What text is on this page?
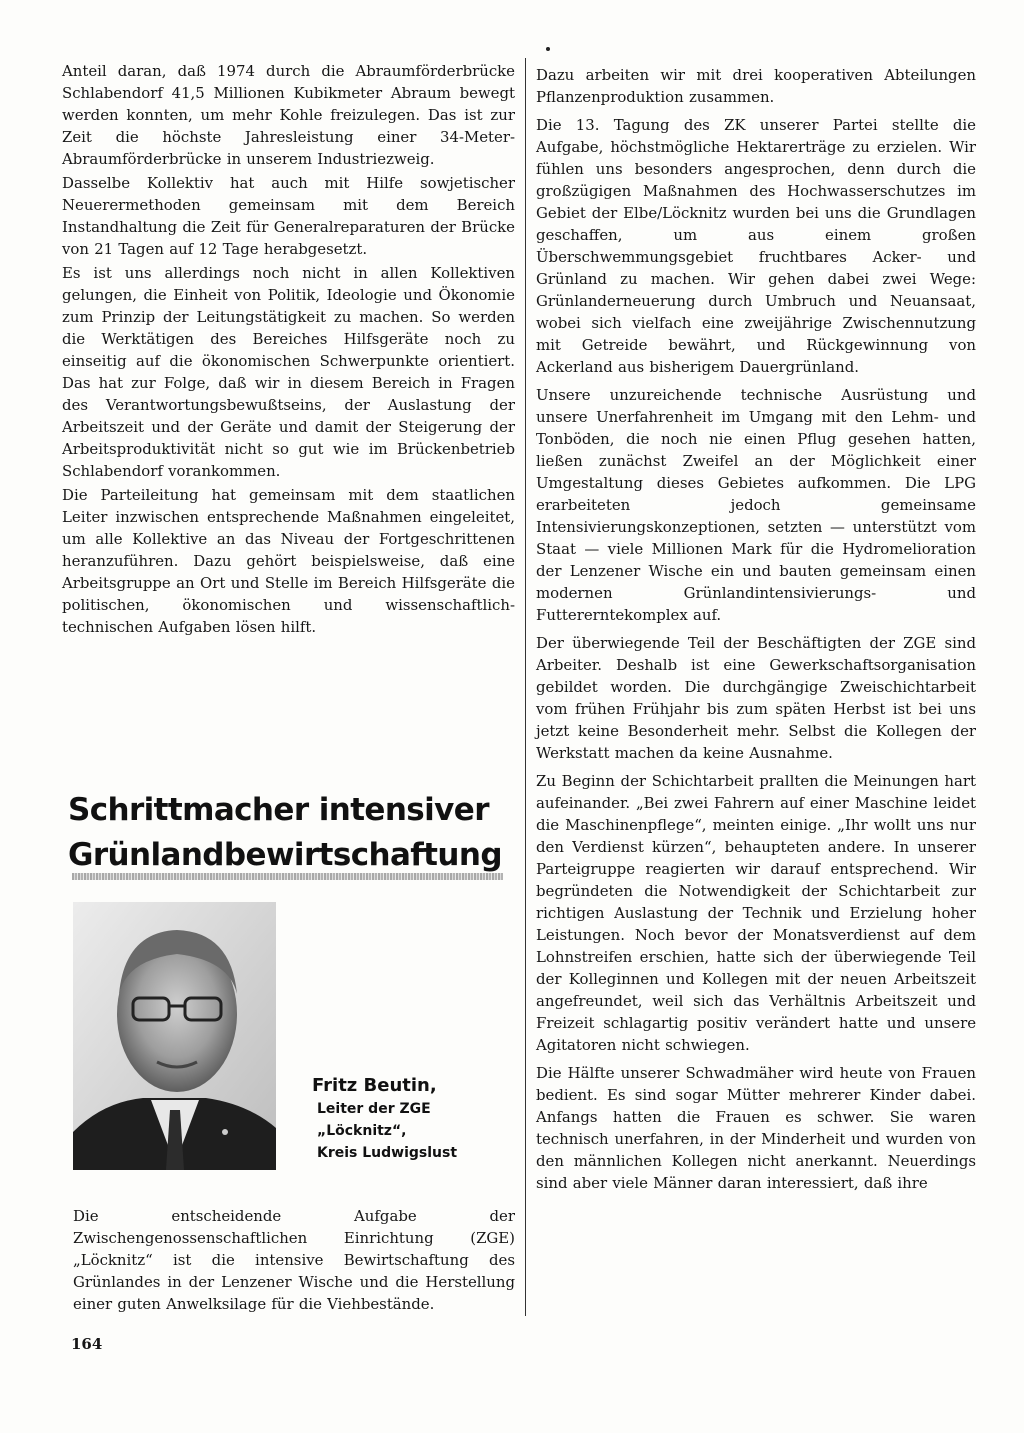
Anteil daran, daß 1974 durch die Abraumförderbrücke Schlabendorf 41,5 Millionen Kubikmeter Abraum bewegt werden konnten, um mehr Kohle freizulegen. Das ist zur Zeit die höchste Jahresleistung einer 34-Meter-Abraumförderbrücke in unserem Industriezweig.

Dasselbe Kollektiv hat auch mit Hilfe sowjetischer Neuerermethoden gemeinsam mit dem Bereich Instandhaltung die Zeit für Generalreparaturen der Brücke von 21 Tagen auf 12 Tage herabgesetzt.

Es ist uns allerdings noch nicht in allen Kollektiven gelungen, die Einheit von Politik, Ideologie und Ökonomie zum Prinzip der Leitungstätigkeit zu machen. So werden die Werktätigen des Bereiches Hilfsgeräte noch zu einseitig auf die ökonomischen Schwerpunkte orientiert. Das hat zur Folge, daß wir in diesem Bereich in Fragen des Verantwortungsbewußtseins, der Auslastung der Arbeitszeit und der Geräte und damit der Steigerung der Arbeitsproduktivität nicht so gut wie im Brückenbetrieb Schlabendorf vorankommen.

Die Parteileitung hat gemeinsam mit dem staatlichen Leiter inzwischen entsprechende Maßnahmen eingeleitet, um alle Kollektive an das Niveau der Fortgeschrittenen heranzuführen. Dazu gehört beispielsweise, daß eine Arbeitsgruppe an Ort und Stelle im Bereich Hilfsgeräte die politischen, ökonomischen und wissenschaftlich-technischen Aufgaben lösen hilft.

Schrittmacher intensiver
Grünlandbewirtschaftung
Fritz Beutin,
Leiter der ZGE
„Löcknitz“,
Kreis Ludwigslust

Die entscheidende Aufgabe der Zwischengenossenschaftlichen Einrichtung (ZGE) „Löcknitz“ ist die intensive Bewirtschaftung des Grünlandes in der Lenzener Wische und die Herstellung einer guten Anwelksilage für die Viehbestände.

Dazu arbeiten wir mit drei kooperativen Abteilungen Pflanzenproduktion zusammen.

Die 13. Tagung des ZK unserer Partei stellte die Aufgabe, höchstmögliche Hektarerträge zu erzielen. Wir fühlen uns besonders angesprochen, denn durch die großzügigen Maßnahmen des Hochwasserschutzes im Gebiet der Elbe/Löcknitz wurden bei uns die Grundlagen geschaffen, um aus einem großen Überschwemmungsgebiet fruchtbares Acker- und Grünland zu machen. Wir gehen dabei zwei Wege: Grünlanderneuerung durch Umbruch und Neuansaat, wobei sich vielfach eine zweijährige Zwischennutzung mit Getreide bewährt, und Rückgewinnung von Ackerland aus bisherigem Dauergrünland.

Unsere unzureichende technische Ausrüstung und unsere Unerfahrenheit im Umgang mit den Lehm- und Tonböden, die noch nie einen Pflug gesehen hatten, ließen zunächst Zweifel an der Möglichkeit einer Umgestaltung dieses Gebietes aufkommen. Die LPG erarbeiteten jedoch gemeinsame Intensivierungskonzeptionen, setzten — unterstützt vom Staat — viele Millionen Mark für die Hydromelioration der Lenzener Wische ein und bauten gemeinsam einen modernen Grünlandintensivierungs- und Futtererntekomplex auf.

Der überwiegende Teil der Beschäftigten der ZGE sind Arbeiter. Deshalb ist eine Gewerkschaftsorganisation gebildet worden. Die durchgängige Zweischichtarbeit vom frühen Frühjahr bis zum späten Herbst ist bei uns jetzt keine Besonderheit mehr. Selbst die Kollegen der Werkstatt machen da keine Ausnahme.

Zu Beginn der Schichtarbeit prallten die Meinungen hart aufeinander. „Bei zwei Fahrern auf einer Maschine leidet die Maschinenpflege“, meinten einige. „Ihr wollt uns nur den Verdienst kürzen“, behaupteten andere. In unserer Parteigruppe reagierten wir darauf entsprechend. Wir begründeten die Notwendigkeit der Schichtarbeit zur richtigen Auslastung der Technik und Erzielung hoher Leistungen. Noch bevor der Monatsverdienst auf dem Lohnstreifen erschien, hatte sich der überwiegende Teil der Kolleginnen und Kollegen mit der neuen Arbeitszeit angefreundet, weil sich das Verhältnis Arbeitszeit und Freizeit schlagartig positiv verändert hatte und unsere Agitatoren nicht schwiegen.

Die Hälfte unserer Schwadmäher wird heute von Frauen bedient. Es sind sogar Mütter mehrerer Kinder dabei. Anfangs hatten die Frauen es schwer. Sie waren technisch unerfahren, in der Minderheit und wurden von den männlichen Kollegen nicht anerkannt. Neuerdings sind aber viele Männer daran interessiert, daß ihre

164
